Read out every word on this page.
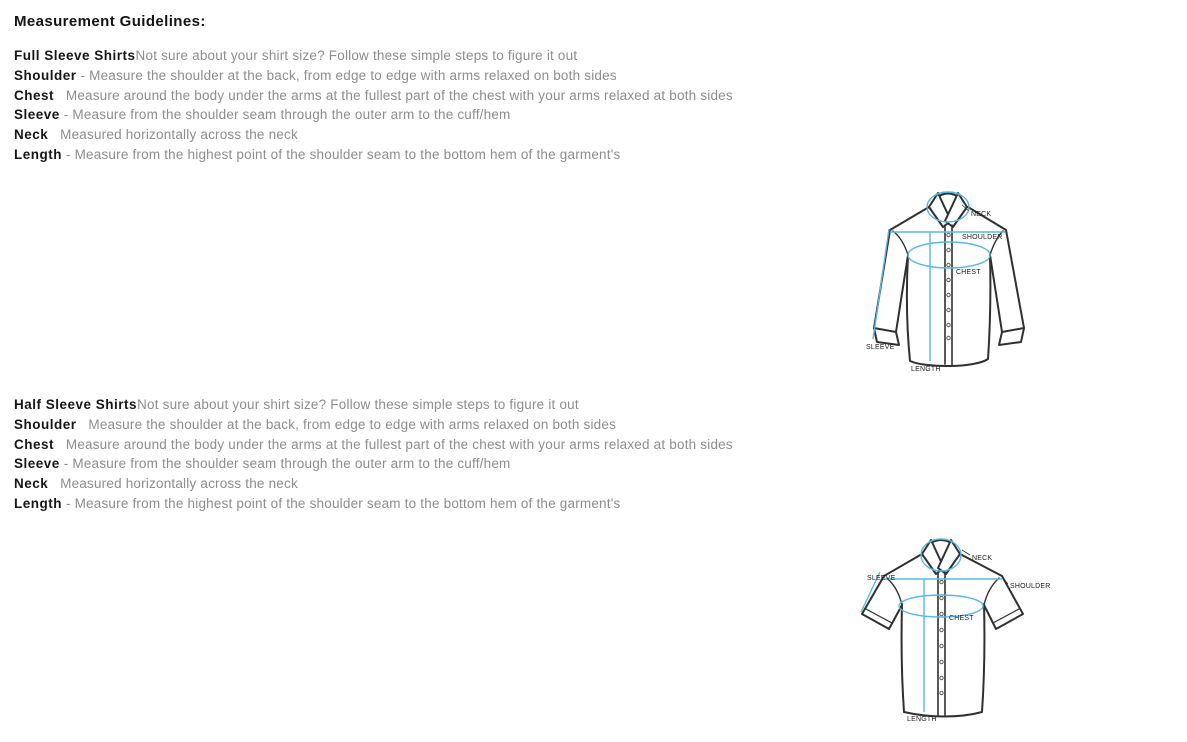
Measurement Guidelines:
Full Sleeve ShirtsNot sure about your shirt size? Follow these simple steps to figure it out
Shoulder - Measure the shoulder at the back, from edge to edge with arms relaxed on both sides
Chest Measure around the body under the arms at the fullest part of the chest with your arms relaxed at both sides
Sleeve - Measure from the shoulder seam through the outer arm to the cuff/hem
Neck Measured horizontally across the neck
Length - Measure from the highest point of the shoulder seam to the bottom hem of the garment's
Half Sleeve ShirtsNot sure about your shirt size? Follow these simple steps to figure it out
Shoulder Measure the shoulder at the back, from edge to edge with arms relaxed on both sides
Chest Measure around the body under the arms at the fullest part of the chest with your arms relaxed at both sides
Sleeve - Measure from the shoulder seam through the outer arm to the cuff/hem
Neck Measured horizontally across the neck
Length - Measure from the highest point of the shoulder seam to the bottom hem of the garment's
NECK
SHOULDER
CHEST
SLEEVE
LENGTH
NECK
SHOULDER
SLEEVE
CHEST
LENGTH
